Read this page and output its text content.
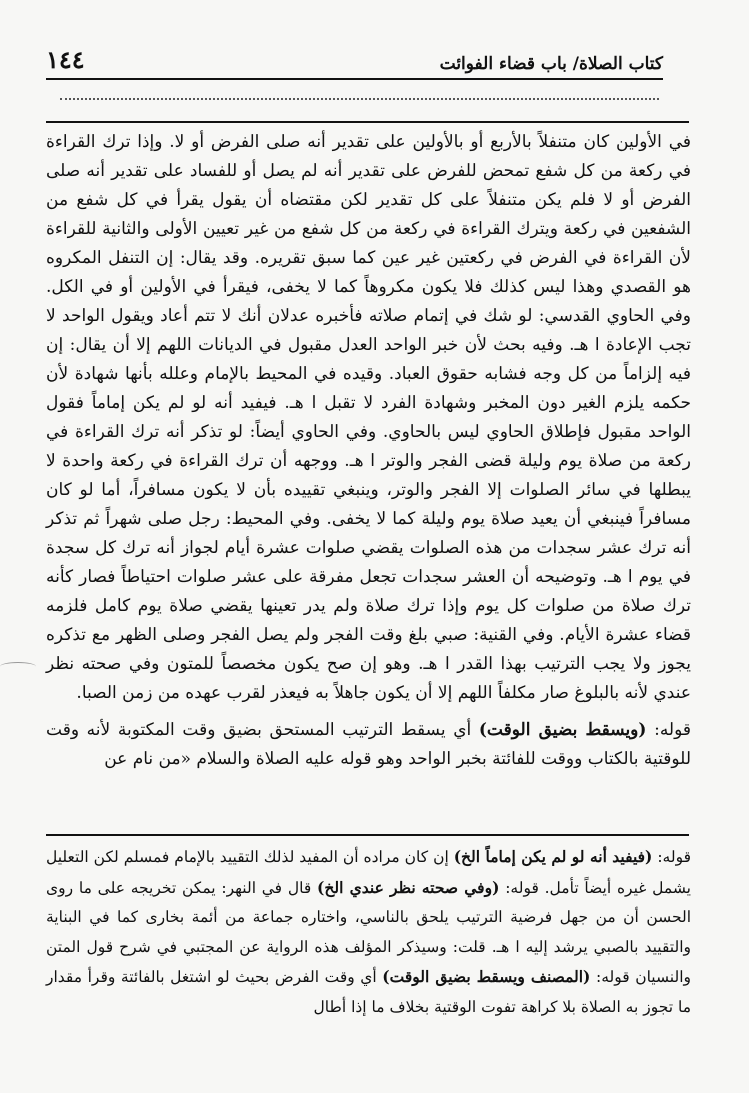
١٤٤	كتاب الصلاة/ باب قضاء الفوائت

في الأولين كان متنفلاً بالأربع أو بالأولين على تقدير أنه صلى الفرض أو لا. وإذا ترك القراءة في ركعة من كل شفع تمحض للفرض على تقدير أنه لم يصل أو للفساد على تقدير أنه صلى الفرض أو لا فلم يكن متنفلاً على كل تقدير لكن مقتضاه أن يقول يقرأ في كل شفع من الشفعين في ركعة ويترك القراءة في ركعة من كل شفع من غير تعيين الأولى والثانية للقراءة لأن القراءة في الفرض في ركعتين غير عين كما سبق تقريره. وقد يقال: إن التنفل المكروه هو القصدي وهذا ليس كذلك فلا يكون مكروهاً كما لا يخفى، فيقرأ في الأولين أو في الكل. وفي الحاوي القدسي: لو شك في إتمام صلاته فأخبره عدلان أنك لا تتم أعاد ويقول الواحد لا تجب الإعادة ا هـ. وفيه بحث لأن خبر الواحد العدل مقبول في الديانات اللهم إلا أن يقال: إن فيه إلزاماً من كل وجه فشابه حقوق العباد. وقيده في المحيط بالإمام وعلله بأنها شهادة لأن حكمه يلزم الغير دون المخبر وشهادة الفرد لا تقبل ا هـ. فيفيد أنه لو لم يكن إماماً فقول الواحد مقبول فإطلاق الحاوي ليس بالحاوي. وفي الحاوي أيضاً: لو تذكر أنه ترك القراءة في ركعة من صلاة يوم وليلة قضى الفجر والوتر ا هـ. ووجهه أن ترك القراءة في ركعة واحدة لا يبطلها في سائر الصلوات إلا الفجر والوتر، وينبغي تقييده بأن لا يكون مسافراً، أما لو كان مسافراً فينبغي أن يعيد صلاة يوم وليلة كما لا يخفى. وفي المحيط: رجل صلى شهراً ثم تذكر أنه ترك عشر سجدات من هذه الصلوات يقضي صلوات عشرة أيام لجواز أنه ترك كل سجدة في يوم ا هـ. وتوضيحه أن العشر سجدات تجعل مفرقة على عشر صلوات احتياطاً فصار كأنه ترك صلاة من صلوات كل يوم وإذا ترك صلاة ولم يدر تعينها يقضي صلاة يوم كامل فلزمه قضاء عشرة الأيام. وفي القنية: صبي بلغ وقت الفجر ولم يصل الفجر وصلى الظهر مع تذكره يجوز ولا يجب الترتيب بهذا القدر ا هـ. وهو إن صح يكون مخصصاً للمتون وفي صحته نظر عندي لأنه بالبلوغ صار مكلفاً اللهم إلا أن يكون جاهلاً به فيعذر لقرب عهده من زمن الصبا.

قوله: (ويسقط بضيق الوقت) أي يسقط الترتيب المستحق بضيق وقت المكتوبة لأنه وقت للوقتية بالكتاب ووقت للفائتة بخبر الواحد وهو قوله عليه الصلاة والسلام «من نام عن

قوله: (فيفيد أنه لو لم يكن إماماً الخ) إن كان مراده أن المفيد لذلك التقييد بالإمام فمسلم لكن التعليل يشمل غيره أيضاً تأمل. قوله: (وفي صحته نظر عندي الخ) قال في النهر: يمكن تخريجه على ما روى الحسن أن من جهل فرضية الترتيب يلحق بالناسي، واختاره جماعة من أئمة بخارى كما في البناية والتقييد بالصبي يرشد إليه ا هـ. قلت: وسيذكر المؤلف هذه الرواية عن المجتبي في شرح قول المتن والنسيان قوله: (المصنف ويسقط بضيق الوقت) أي وقت الفرض بحيث لو اشتغل بالفائتة وقرأ مقدار ما تجوز به الصلاة بلا كراهة تفوت الوقتية بخلاف ما إذا أطال
